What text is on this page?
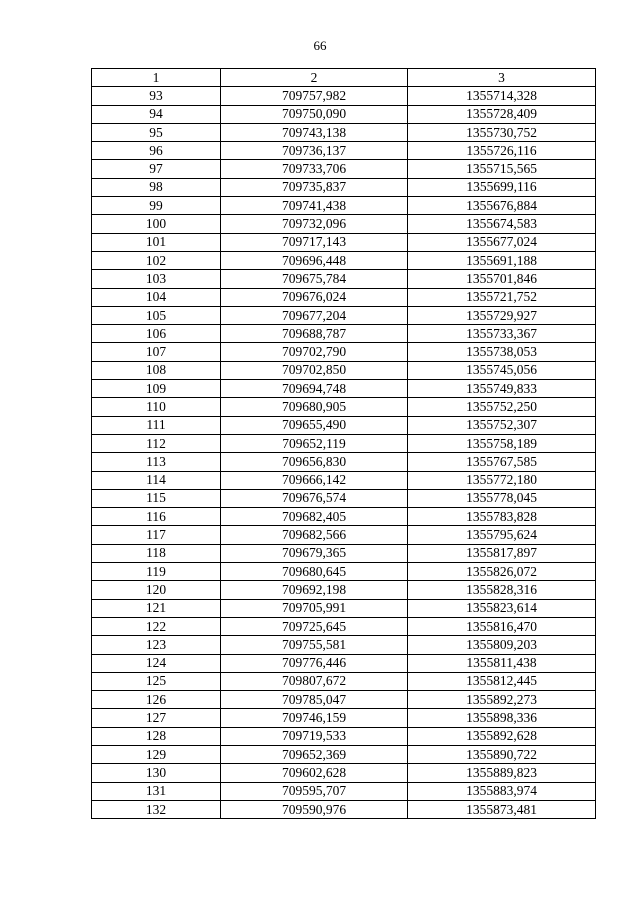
66
1	2	3
93	709757,982	1355714,328
94	709750,090	1355728,409
95	709743,138	1355730,752
96	709736,137	1355726,116
97	709733,706	1355715,565
98	709735,837	1355699,116
99	709741,438	1355676,884
100	709732,096	1355674,583
101	709717,143	1355677,024
102	709696,448	1355691,188
103	709675,784	1355701,846
104	709676,024	1355721,752
105	709677,204	1355729,927
106	709688,787	1355733,367
107	709702,790	1355738,053
108	709702,850	1355745,056
109	709694,748	1355749,833
110	709680,905	1355752,250
111	709655,490	1355752,307
112	709652,119	1355758,189
113	709656,830	1355767,585
114	709666,142	1355772,180
115	709676,574	1355778,045
116	709682,405	1355783,828
117	709682,566	1355795,624
118	709679,365	1355817,897
119	709680,645	1355826,072
120	709692,198	1355828,316
121	709705,991	1355823,614
122	709725,645	1355816,470
123	709755,581	1355809,203
124	709776,446	1355811,438
125	709807,672	1355812,445
126	709785,047	1355892,273
127	709746,159	1355898,336
128	709719,533	1355892,628
129	709652,369	1355890,722
130	709602,628	1355889,823
131	709595,707	1355883,974
132	709590,976	1355873,481
